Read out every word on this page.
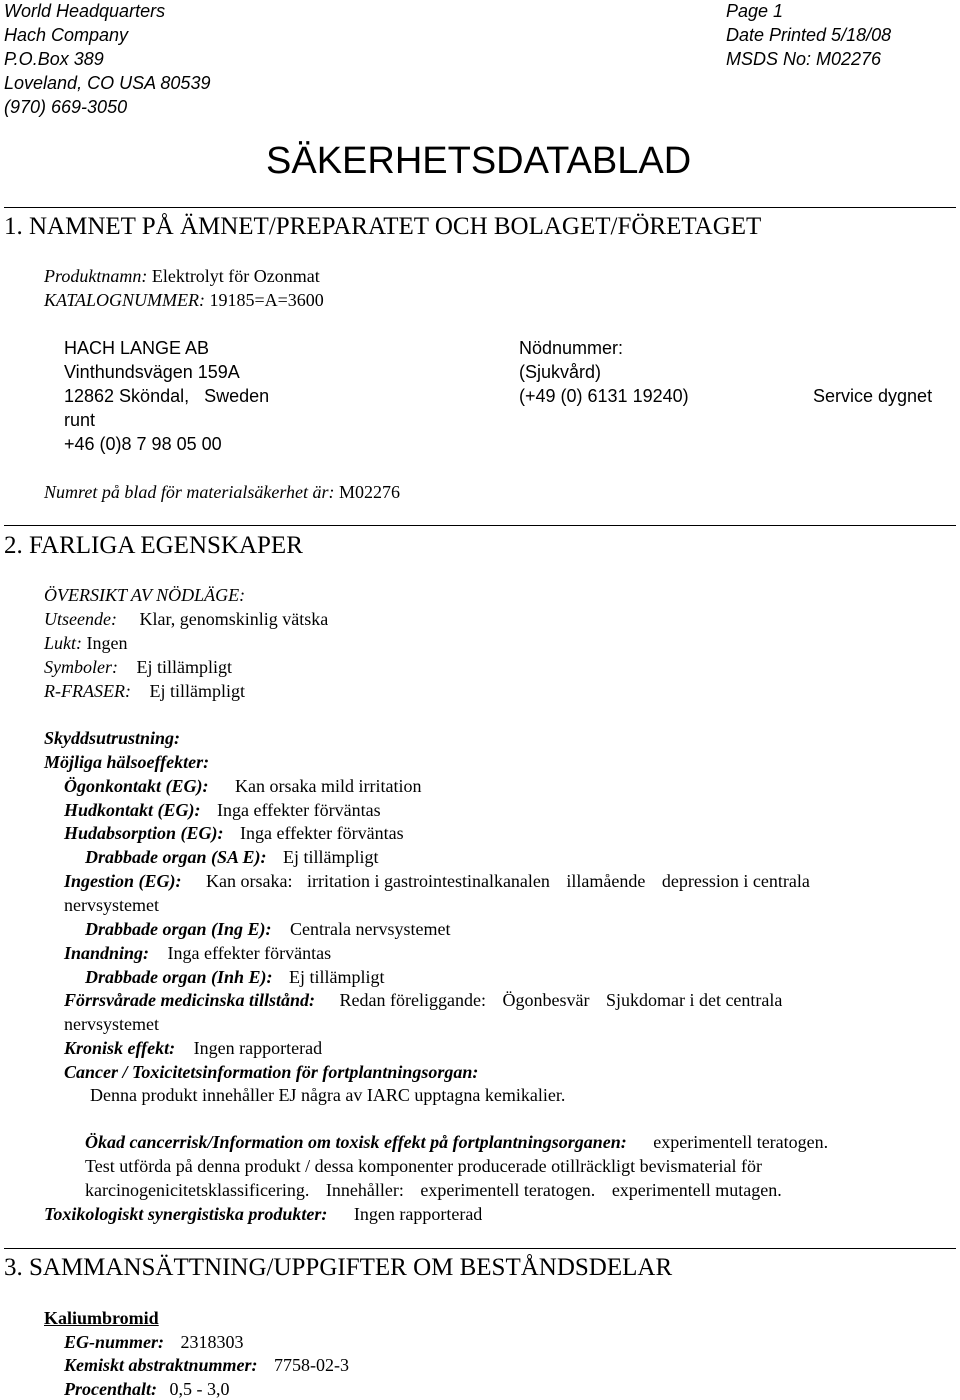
World Headquarters
Hach Company
P.O.Box 389
Loveland, CO USA 80539
(970) 669-3050
Page 1
Date Printed 5/18/08
MSDS No: M02276
SÄKERHETSDATABLAD
1. NAMNET PÅ ÄMNET/PREPARATET OCH BOLAGET/FÖRETAGET
Produktnamn: Elektrolyt för Ozonmat
KATALOGNUMMER: 19185=A=3600
HACH LANGE AB
Vinthundsvägen 159A
12862 Sköndal,   Sweden
Nödnummer:
(Sjukvård)
(+49 (0) 6131 19240)	Service dygnet
runt
+46 (0)8 7 98 05 00
Numret på blad för materialsäkerhet är: M02276
2. FARLIGA EGENSKAPER
ÖVERSIKT AV NÖDLÄGE:
Utseende: Klar, genomskinlig vätska
Lukt: Ingen
Symboler: Ej tillämpligt
R-FRASER: Ej tillämpligt
Skyddsutrustning:
Möjliga hälsoeffekter:
Ögonkontakt (EG): Kan orsaka mild irritation
Hudkontakt (EG): Inga effekter förväntas
Hudabsorption (EG): Inga effekter förväntas
Drabbade organ (SA E): Ej tillämpligt
Ingestion (EG): Kan orsaka: irritation i gastrointestinalkanalen illamående depression i centrala
nervsystemet
Drabbade organ (Ing E): Centrala nervsystemet
Inandning: Inga effekter förväntas
Drabbade organ (Inh E): Ej tillämpligt
Förrsvårade medicinska tillstånd: Redan föreliggande: Ögonbesvär Sjukdomar i det centrala
nervsystemet
Kronisk effekt: Ingen rapporterad
Cancer / Toxicitetsinformation för fortplantningsorgan:
Denna produkt innehåller EJ några av IARC upptagna kemikalier.
Ökad cancerrisk/Information om toxisk effekt på fortplantningsorganen: experimentell teratogen.
Test utförda på denna produkt / dessa komponenter producerade otillräckligt bevismaterial för
karcinogenicitetsklassificering. Innehåller: experimentell teratogen. experimentell mutagen.
Toxikologiskt synergistiska produkter: Ingen rapporterad
3. SAMMANSÄTTNING/UPPGIFTER OM BESTÅNDSDELAR
Kaliumbromid
EG-nummer: 2318303
Kemiskt abstraktnummer: 7758-02-3
Procenthalt: 0,5 - 3,0
